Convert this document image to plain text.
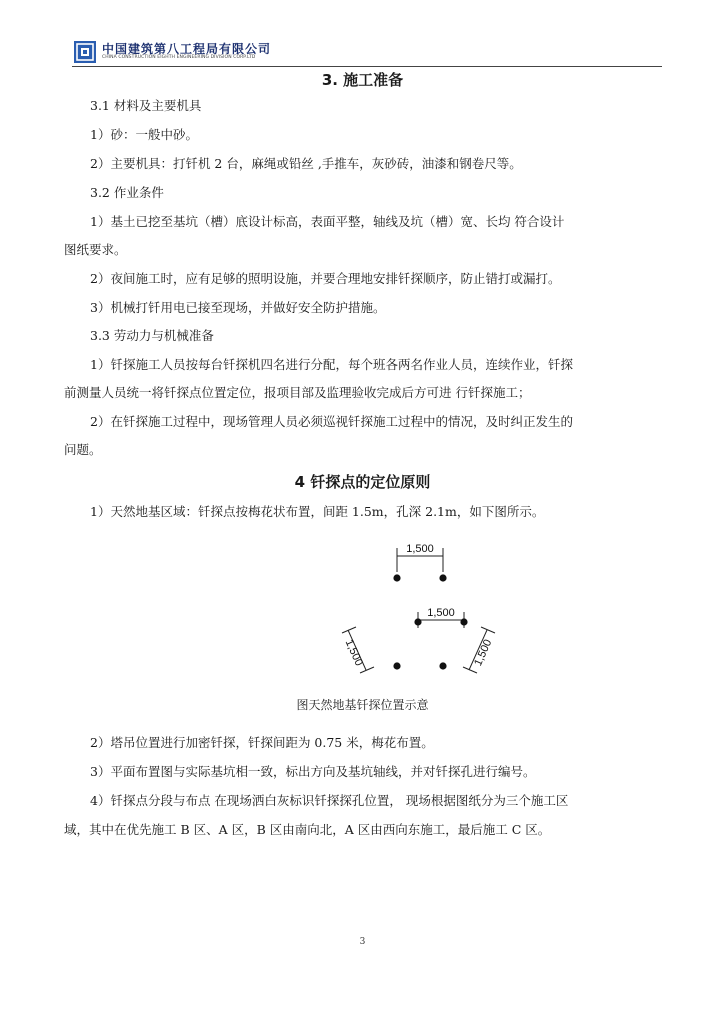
中国建筑第八工程局有限公司
CHINA CONSTRUCTION EIGHTH ENGINEERING DIVISION CORP.LTD
3. 施工准备
3.1 材料及主要机具
1）砂：一般中砂。
2）主要机具：打钎机 2 台，麻绳或铅丝 ,手推车，灰砂砖，油漆和钢卷尺等。
3.2 作业条件
1）基土已挖至基坑（槽）底设计标高，表面平整，轴线及坑（槽）宽、长均 符合设计
图纸要求。
2）夜间施工时，应有足够的照明设施，并要合理地安排钎探顺序，防止错打或漏打。
3）机械打钎用电已接至现场，并做好安全防护措施。
3.3 劳动力与机械准备
1）钎探施工人员按每台钎探机四名进行分配，每个班各两名作业人员，连续作业，钎探
前测量人员统一将钎探点位置定位，报项目部及监理验收完成后方可进 行钎探施工；
2）在钎探施工过程中，现场管理人员必须巡视钎探施工过程中的情况，及时纠正发生的
问题。
4 钎探点的定位原则
1）天然地基区域：钎探点按梅花状布置，间距 1.5m，孔深 2.1m，如下图所示。
1,500
1,500
1,500	1,500
图天然地基钎探位置示意
2）塔吊位置进行加密钎探，钎探间距为 0.75 米，梅花布置。
3）平面布置图与实际基坑相一致，标出方向及基坑轴线，并对钎探孔进行编号。
4）钎探点分段与布点 在现场洒白灰标识钎探探孔位置， 现场根据图纸分为三个施工区
域，其中在优先施工 B 区、A 区，B 区由南向北，A 区由西向东施工，最后施工 C 区。
3
